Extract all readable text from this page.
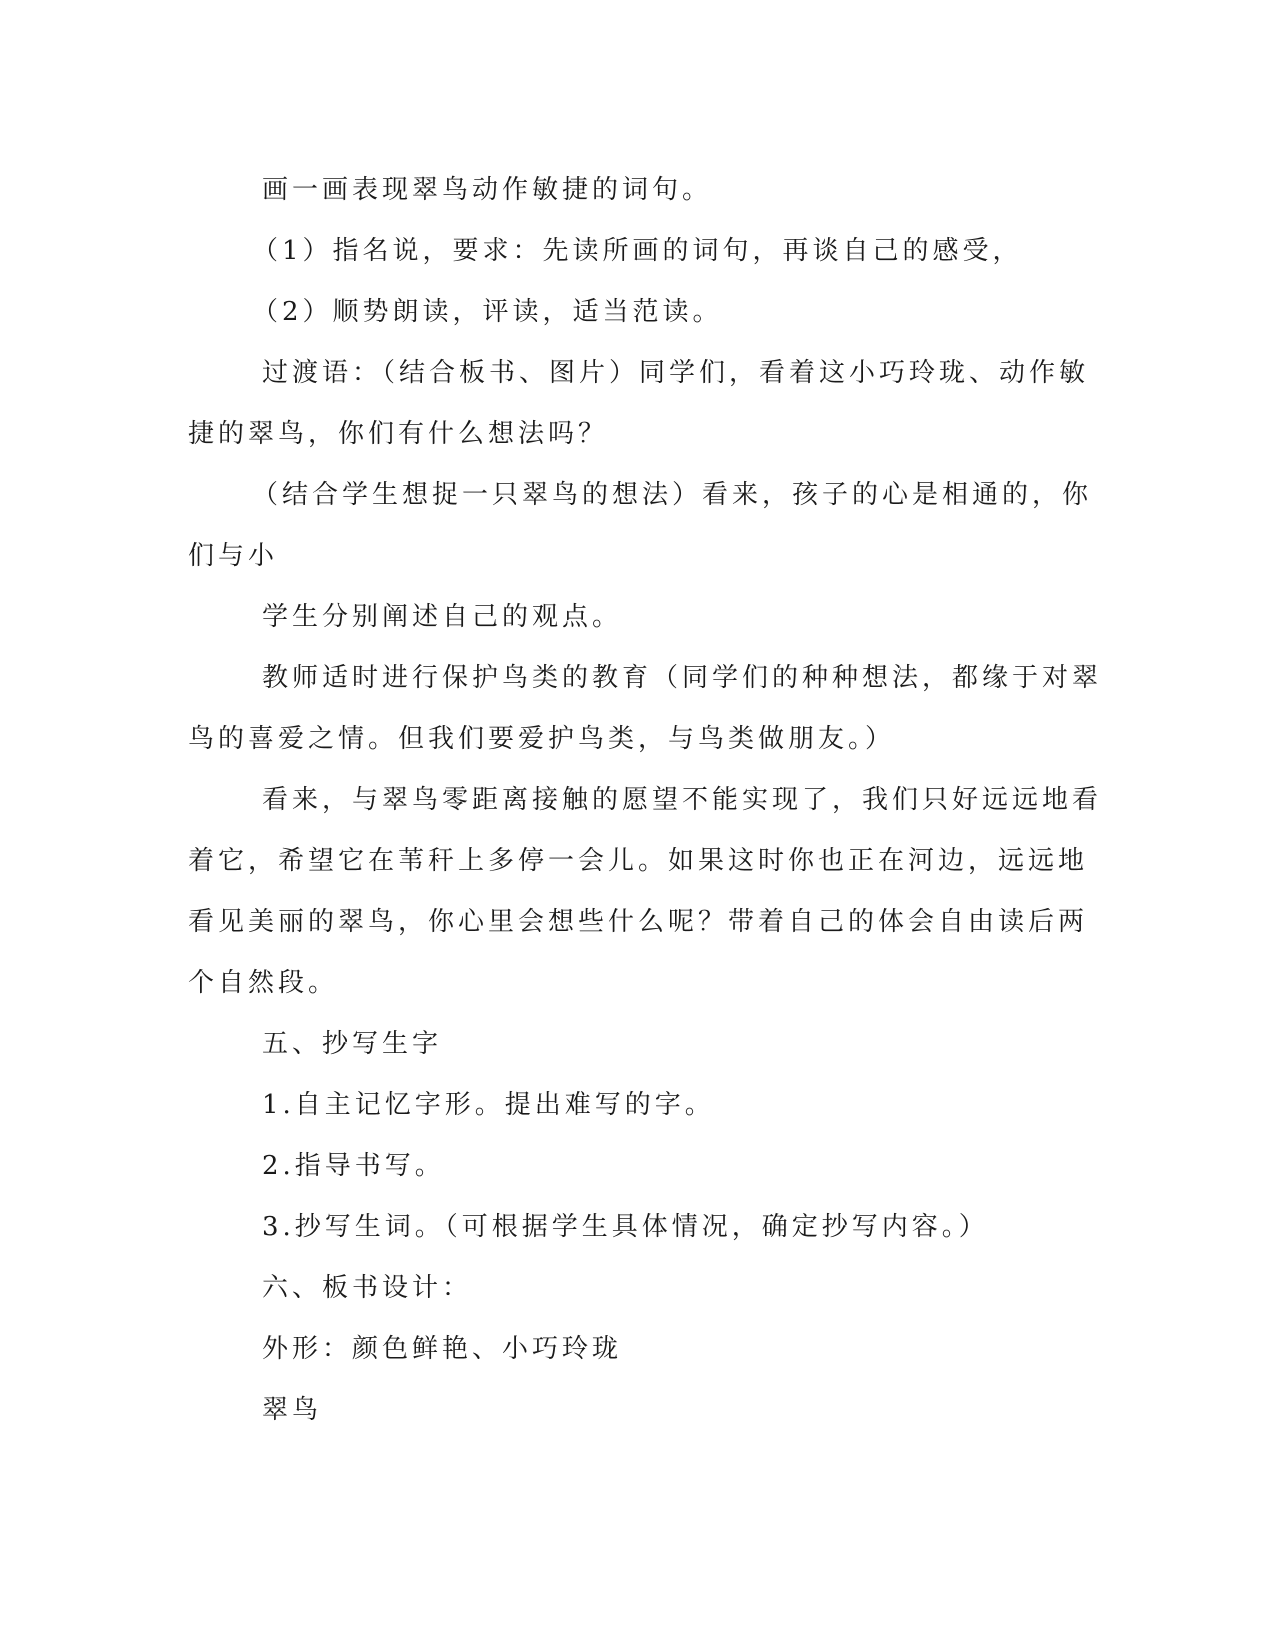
画一画表现翠鸟动作敏捷的词句。

（1）指名说，要求：先读所画的词句，再谈自己的感受，

（2）顺势朗读，评读，适当范读。

过渡语：（结合板书、图片）同学们，看着这小巧玲珑、动作敏
捷的翠鸟，你们有什么想法吗？

（结合学生想捉一只翠鸟的想法）看来，孩子的心是相通的，你
们与小

学生分别阐述自己的观点。

教师适时进行保护鸟类的教育（同学们的种种想法，都缘于对翠
鸟的喜爱之情。但我们要爱护鸟类，与鸟类做朋友。）

看来，与翠鸟零距离接触的愿望不能实现了，我们只好远远地看
着它，希望它在苇秆上多停一会儿。如果这时你也正在河边，远远地
看见美丽的翠鸟，你心里会想些什么呢？带着自己的体会自由读后两
个自然段。

五、抄写生字

1.自主记忆字形。提出难写的字。

2.指导书写。

3.抄写生词。（可根据学生具体情况，确定抄写内容。）

六、板书设计：

外形：颜色鲜艳、小巧玲珑

翠鸟
